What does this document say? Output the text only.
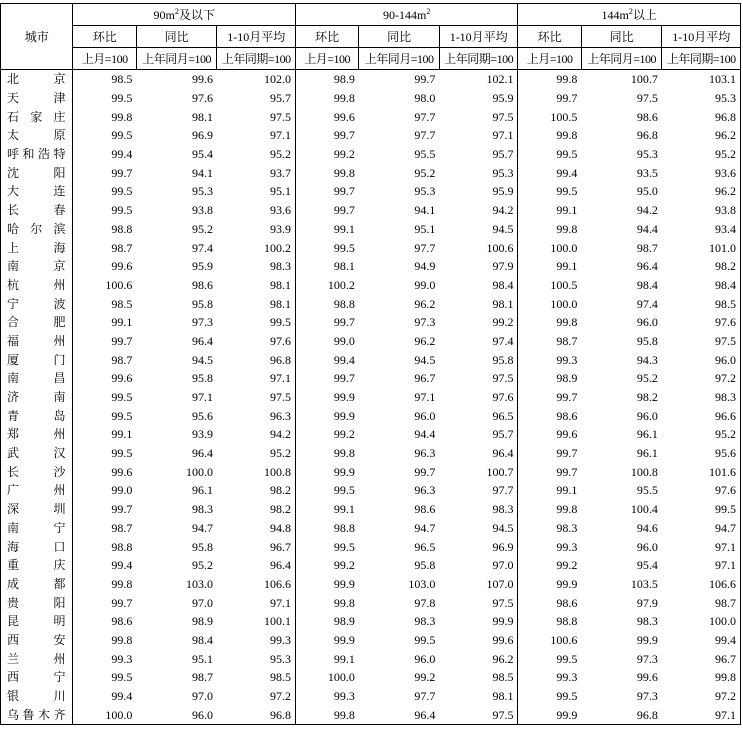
城市	$90m^2$及以下			$90-144m^2$			$144m^2$以上		
	环比	同比	1-10月平均	环比	同比	1-10月平均	环比	同比	1-10月平均
	上月=100	上年同月=100	上年同期=100	上月=100	上年同月=100	上年同期=100	上月=100	上年同月=100	上年同期=100
北京	98.5	99.6	102.0	98.9	99.7	102.1	99.8	100.7	103.1
天津	99.5	97.6	95.7	99.8	98.0	95.9	99.7	97.5	95.3
石家庄	99.8	98.1	97.5	99.6	97.7	97.5	100.5	98.6	96.8
太原	99.5	96.9	97.1	99.7	97.7	97.1	99.8	96.8	96.2
呼和浩特	99.4	95.4	95.2	99.2	95.5	95.7	99.5	95.3	95.2
沈阳	99.7	94.1	93.7	99.8	95.2	95.3	99.4	93.5	93.6
大连	99.5	95.3	95.1	99.7	95.3	95.9	99.5	95.0	96.2
长春	99.5	93.8	93.6	99.7	94.1	94.2	99.1	94.2	93.8
哈尔滨	98.8	95.2	93.9	99.1	95.1	94.5	99.8	94.4	93.4
上海	98.7	97.4	100.2	99.5	97.7	100.6	100.0	98.7	101.0
南京	99.6	95.9	98.3	98.1	94.9	97.9	99.1	96.4	98.2
杭州	100.6	98.6	98.1	100.2	99.0	98.4	100.5	98.4	98.4
宁波	98.5	95.8	98.1	98.8	96.2	98.1	100.0	97.4	98.5
合肥	99.1	97.3	99.5	99.7	97.3	99.2	99.8	96.0	97.6
福州	99.7	96.4	97.6	99.0	96.2	97.4	98.7	95.8	97.5
厦门	98.7	94.5	96.8	99.4	94.5	95.8	99.3	94.3	96.0
南昌	99.6	95.8	97.1	99.7	96.7	97.5	98.9	95.2	97.2
济南	99.5	97.1	97.5	99.9	97.1	97.6	99.7	98.2	98.3
青岛	99.5	95.6	96.3	99.9	96.0	96.5	98.6	96.0	96.6
郑州	99.1	93.9	94.2	99.2	94.4	95.7	99.6	96.1	95.2
武汉	99.5	96.4	95.2	99.8	96.3	96.4	99.7	96.1	95.6
长沙	99.6	100.0	100.8	99.9	99.7	100.7	99.7	100.8	101.6
广州	99.0	96.1	98.2	99.5	96.3	97.7	99.1	95.5	97.6
深圳	99.7	98.3	98.2	99.1	98.6	98.3	99.8	100.4	99.5
南宁	98.7	94.7	94.8	98.8	94.7	94.5	98.3	94.6	94.7
海口	98.8	95.8	96.7	99.5	96.5	96.9	99.3	96.0	97.1
重庆	99.4	95.2	96.4	99.2	95.8	97.0	99.2	95.4	97.1
成都	99.8	103.0	106.6	99.9	103.0	107.0	99.9	103.5	106.6
贵阳	99.7	97.0	97.1	99.8	97.8	97.5	98.6	97.9	98.7
昆明	98.6	98.9	100.1	98.9	98.3	99.9	98.8	98.3	100.0
西安	99.8	98.4	99.3	99.9	99.5	99.6	100.6	99.9	99.4
兰州	99.3	95.1	95.3	99.1	96.0	96.2	99.5	97.3	96.7
西宁	99.5	98.7	98.5	100.0	99.2	98.5	99.3	99.6	99.8
银川	99.4	97.0	97.2	99.3	97.7	98.1	99.5	97.3	97.2
乌鲁木齐	100.0	96.0	96.8	99.8	96.4	97.5	99.9	96.8	97.1
